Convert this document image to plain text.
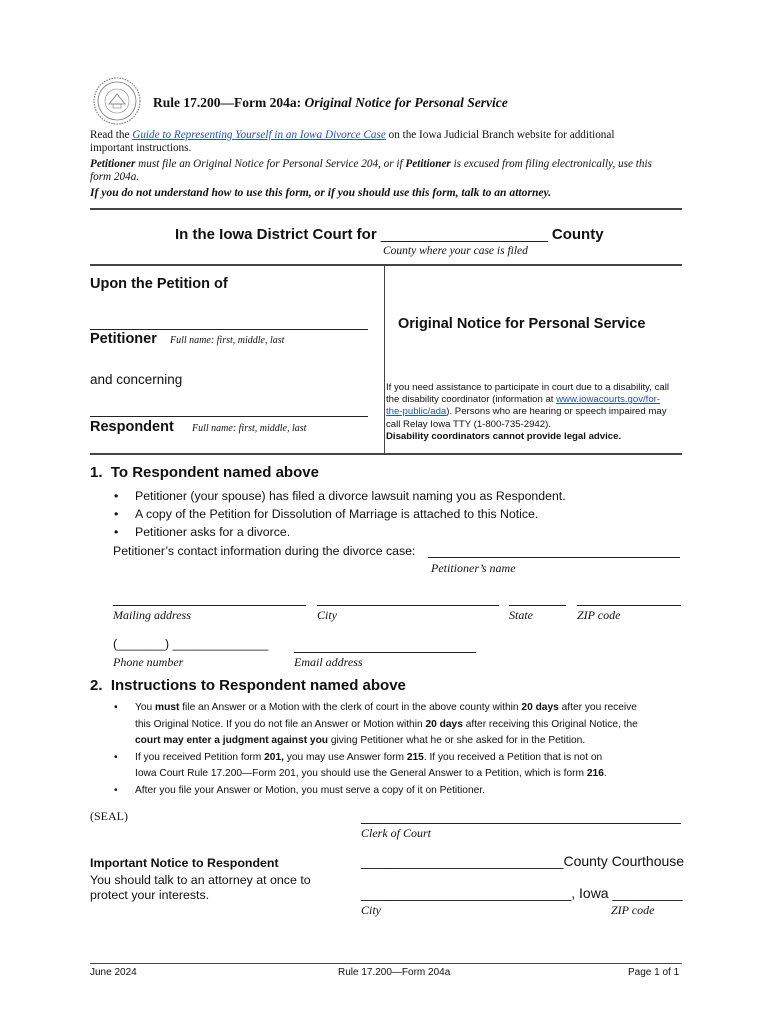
Rule 17.200—Form 204a: Original Notice for Personal Service
Read the Guide to Representing Yourself in an Iowa Divorce Case on the Iowa Judicial Branch website for additional
important instructions.
Petitioner must file an Original Notice for Personal Service 204, or if Petitioner is excused from filing electronically, use this
form 204a.
If you do not understand how to use this form, or if you should use this form, talk to an attorney.
In the Iowa District Court for ____________________ County
County where your case is filed
Upon the Petition of
Petitioner Full name: first, middle, last
and concerning
Respondent Full name: first, middle, last
Original Notice for Personal Service
If you need assistance to participate in court due to a disability, call
the disability coordinator (information at www.iowacourts.gov/for-
the-public/ada). Persons who are hearing or speech impaired may
call Relay Iowa TTY (1-800-735-2942).
Disability coordinators cannot provide legal advice.
1.  To Respondent named above
• Petitioner (your spouse) has filed a divorce lawsuit naming you as Respondent.
• A copy of the Petition for Dissolution of Marriage is attached to this Notice.
• Petitioner asks for a divorce.
Petitioner’s contact information during the divorce case:
Petitioner’s name
Mailing address	City	State	ZIP code
(_______) ______________
Phone number	Email address
2.  Instructions to Respondent named above
• You must file an Answer or a Motion with the clerk of court in the above county within 20 days after you receive
this Original Notice. If you do not file an Answer or Motion within 20 days after receiving this Original Notice, the
court may enter a judgment against you giving Petitioner what he or she asked for in the Petition.
• If you received Petition form 201, you may use Answer form 215. If you received a Petition that is not on
Iowa Court Rule 17.200—Form 201, you should use the General Answer to a Petition, which is form 216.
• After you file your Answer or Motion, you must serve a copy of it on Petitioner.
(SEAL)
Clerk of Court
__________________________County Courthouse
___________________________, Iowa _________
City	ZIP code
Important Notice to Respondent
You should talk to an attorney at once to
protect your interests.
June 2024	Rule 17.200—Form 204a	Page 1 of 1
